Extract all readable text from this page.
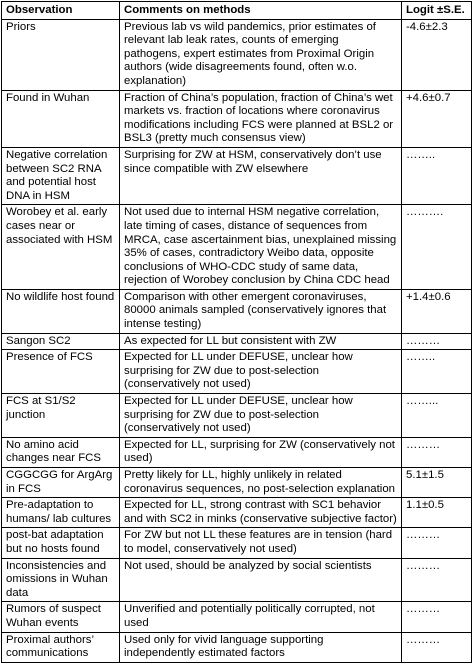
Observation	Comments on methods	Logit ±S.E.
Priors	Previous lab vs wild pandemics, prior estimates of relevant lab leak rates, counts of emerging pathogens, expert estimates from Proximal Origin authors (wide disagreements found, often w.o. explanation)	-4.6±2.3
Found in Wuhan	Fraction of China’s population, fraction of China’s wet markets vs. fraction of locations where coronavirus modifications including FCS were planned at BSL2 or BSL3 (pretty much consensus view)	+4.6±0.7
Negative correlation between SC2 RNA and potential host DNA in HSM	Surprising for ZW at HSM, conservatively don’t use since compatible with ZW elsewhere	……..
Worobey et al. early cases near or associated with HSM	Not used due to internal HSM negative correlation, late timing of cases, distance of sequences from MRCA, case ascertainment bias, unexplained missing 35% of cases, contradictory Weibo data, opposite conclusions of WHO-CDC study of same data, rejection of Worobey conclusion by China CDC head	……….
No wildlife host found	Comparison with other emergent coronaviruses, 80000 animals sampled (conservatively ignores that intense testing)	+1.4±0.6
Sangon SC2	As expected for LL but consistent with ZW	………
Presence of FCS	Expected for LL under DEFUSE, unclear how surprising for ZW due to post-selection (conservatively not used)	……..
FCS at S1/S2 junction	Expected for LL under DEFUSE, unclear how surprising for ZW due to post-selection (conservatively not used)	……...
No amino acid changes near FCS	Expected for LL, surprising for ZW (conservatively not used)	………
CGGCGG for ArgArg in FCS	Pretty likely for LL, highly unlikely in related coronavirus sequences, no post-selection explanation	5.1±1.5
Pre-adaptation to humans/ lab cultures	Expected for LL, strong contrast with SC1 behavior and with SC2 in minks (conservative subjective factor)	1.1±0.5
post-bat adaptation but no hosts found	For ZW but not LL these features are in tension (hard to model, conservatively not used)	………
Inconsistencies and omissions in Wuhan data	Not used, should be analyzed by social scientists	………
Rumors of suspect Wuhan events	Unverified and potentially politically corrupted, not used	………
Proximal authors’ communications	Used only for vivid language supporting independently estimated factors	………
